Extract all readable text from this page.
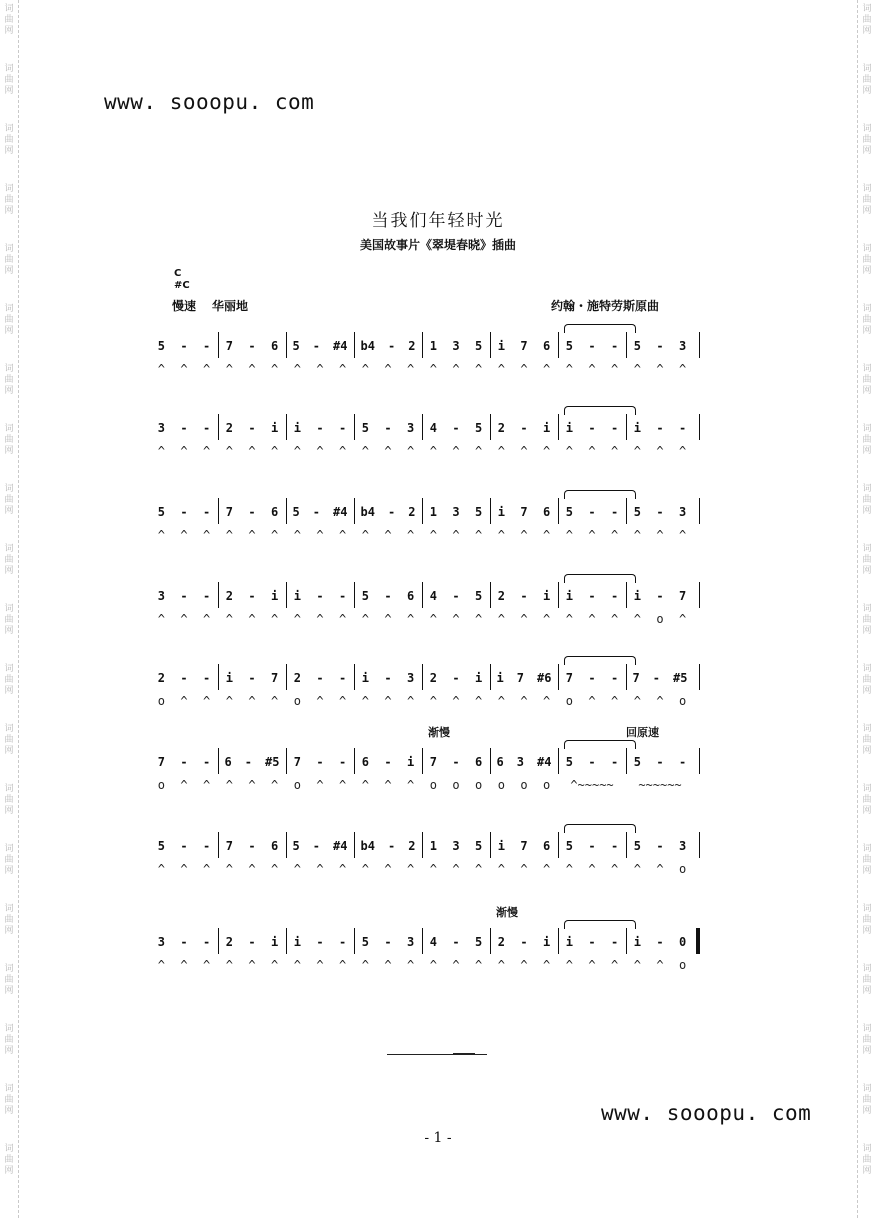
词
曲
网
词
曲
网
词
曲
网
词
曲
网
词
曲
网
词
曲
网
词
曲
网
词
曲
网
词
曲
网
词
曲
网
词
曲
网
词
曲
网
词
曲
网
词
曲
网
词
曲
网
词
曲
网
词
曲
网
词
曲
网
词
曲
网
词
曲
网
词
曲
网
词
曲
网
词
曲
网
词
曲
网
词
曲
网
词
曲
网
词
曲
网
词
曲
网
词
曲
网
词
曲
网
词
曲
网
词
曲
网
词
曲
网
词
曲
网
词
曲
网
词
曲
网
词
曲
网
词
曲
网
词
曲
网
词
曲
网
www. sooopu. com
当我们年轻时光
美国故事片《翠堤春晓》插曲
C
#C
慢速 华丽地	约翰・施特劳斯原曲
5 - - 7 - 6 5 - #4 b4 - 2 1 3 5 i 7 6 5 - - 5 - 3
^ ^ ^ ^ ^ ^ ^ ^ ^ ^ ^ ^ ^ ^ ^ ^ ^ ^ ^ ^ ^ ^ ^ ^
3 - - 2 - i i - - 5 - 3 4 - 5 2 - i i - - i - -
^ ^ ^ ^ ^ ^ ^ ^ ^ ^ ^ ^ ^ ^ ^ ^ ^ ^ ^ ^ ^ ^ ^ ^
5 - - 7 - 6 5 - #4 b4 - 2 1 3 5 i 7 6 5 - - 5 - 3
^ ^ ^ ^ ^ ^ ^ ^ ^ ^ ^ ^ ^ ^ ^ ^ ^ ^ ^ ^ ^ ^ ^ ^
3 - - 2 - i i - - 5 - 6 4 - 5 2 - i i - - i - 7
^ ^ ^ ^ ^ ^ ^ ^ ^ ^ ^ ^ ^ ^ ^ ^ ^ ^ ^ ^ ^ ^ o ^
2 - - i - 7 2 - - i - 3 2 - i i 7 #6 7 - - 7 - #5
o ^ ^ ^ ^ ^ o ^ ^ ^ ^ ^ ^ ^ ^ ^ ^ ^ o ^ ^ ^ ^ o
7 - - 6 - #5 7 - - 6 - i 7 - 6 6 3 #4 5 - - 5 - -
o ^ ^ ^ ^ ^ o ^ ^ ^ ^ ^ o o o o o o ^~~~~~ ~~~~~~
渐慢	回原速
5 - - 7 - 6 5 - #4 b4 - 2 1 3 5 i 7 6 5 - - 5 - 3
^ ^ ^ ^ ^ ^ ^ ^ ^ ^ ^ ^ ^ ^ ^ ^ ^ ^ ^ ^ ^ ^ ^ o
3 - - 2 - i i - - 5 - 3 4 - 5 2 - i i - - i - 0
^ ^ ^ ^ ^ ^ ^ ^ ^ ^ ^ ^ ^ ^ ^ ^ ^ ^ ^ ^ ^ ^ ^ o
渐慢
www. sooopu. com
- 1 -
